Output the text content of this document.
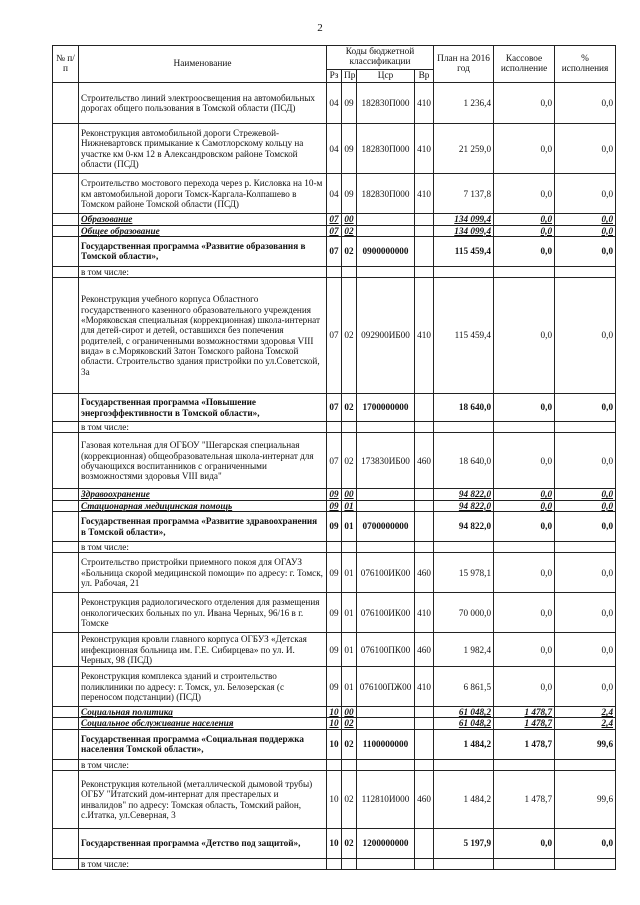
2
№ п/п	Наименование	Коды бюджетной классификации				План на 2016 год	Кассовое исполнение	% исполнения
		Рз	Пр	Цср	Вр			
	Строительство линий электроосвещения на автомобильных дорогах общего пользования в Томской области (ПСД)	04	09	182830П000	410	1 236,4	0,0	0,0
	Реконструкция автомобильной дороги Стрежевой-Нижневартовск примыкание к Самотлорскому кольцу на участке км 0-км 12 в Александровском районе Томской области (ПСД)	04	09	182830П000	410	21 259,0	0,0	0,0
	Строительство мостового перехода через р. Кисловка на 10-м км автомобильной дороги Томск-Каргала-Колпашево в Томском районе Томской области (ПСД)	04	09	182830П000	410	7 137,8	0,0	0,0
	Образование	07	00			134 099,4	0,0	0,0
	Общее образование	07	02			134 099,4	0,0	0,0
	Государственная программа «Развитие образования в Томской области»,	07	02	0900000000		115 459,4	0,0	0,0
	в том числе:							
	Реконструкция учебного корпуса Областного государственного казенного образовательного учреждения «Моряковская специальная (коррекционная) школа-интернат для детей-сирот и детей, оставшихся без попечения родителей, с ограниченными возможностями здоровья VIII вида» в с.Моряковский Затон Томского района Томской области. Строительство здания пристройки по ул.Советской, 3а	07	02	092900ИБ00	410	115 459,4	0,0	0,0
	Государственная программа «Повышение энергоэффективности в Томской области»,	07	02	1700000000		18 640,0	0,0	0,0
	в том числе:							
	Газовая котельная для ОГБОУ "Шегарская специальная (коррекционная) общеобразовательная школа-интернат для обучающихся воспитанников с ограниченными возможностями здоровья VIII вида"	07	02	173830ИБ00	460	18 640,0	0,0	0,0
	Здравоохранение	09	00			94 822,0	0,0	0,0
	Стационарная медицинская помощь	09	01			94 822,0	0,0	0,0
	Государственная программа «Развитие здравоохранения в Томской области»,	09	01	0700000000		94 822,0	0,0	0,0
	в том числе:							
	Строительство пристройки приемного покоя для ОГАУЗ «Больница скорой медицинской помощи» по адресу: г. Томск, ул. Рабочая, 21	09	01	076100ИК00	460	15 978,1	0,0	0,0
	Реконструкция радиологического отделения для размещения онкологических больных по ул. Ивана Черных, 96/16 в г. Томске	09	01	076100ИК00	410	70 000,0	0,0	0,0
	Реконструкция кровли главного корпуса ОГБУЗ «Детская инфекционная больница им. Г.Е. Сибирцева» по ул. И. Черных, 98 (ПСД)	09	01	076100ПК00	460	1 982,4	0,0	0,0
	Реконструкция комплекса зданий и строительство поликлиники по адресу: г. Томск, ул. Белозерская (с переносом подстанции) (ПСД)	09	01	076100ПЖ00	410	6 861,5	0,0	0,0
	Социальная политика	10	00			61 048,2	1 478,7	2,4
	Социальное обслуживание населения	10	02			61 048,2	1 478,7	2,4
	Государственная программа «Социальная поддержка населения Томской области»,	10	02	1100000000		1 484,2	1 478,7	99,6
	в том числе:							
	Реконструкция котельной (металлической дымовой трубы) ОГБУ "Итатский дом-интернат для престарелых и инвалидов" по адресу: Томская область, Томский район, с.Итатка, ул.Северная, 3	10	02	112810И000	460	1 484,2	1 478,7	99,6
	Государственная программа «Детство под защитой»,	10	02	1200000000		5 197,9	0,0	0,0
	в том числе:							
